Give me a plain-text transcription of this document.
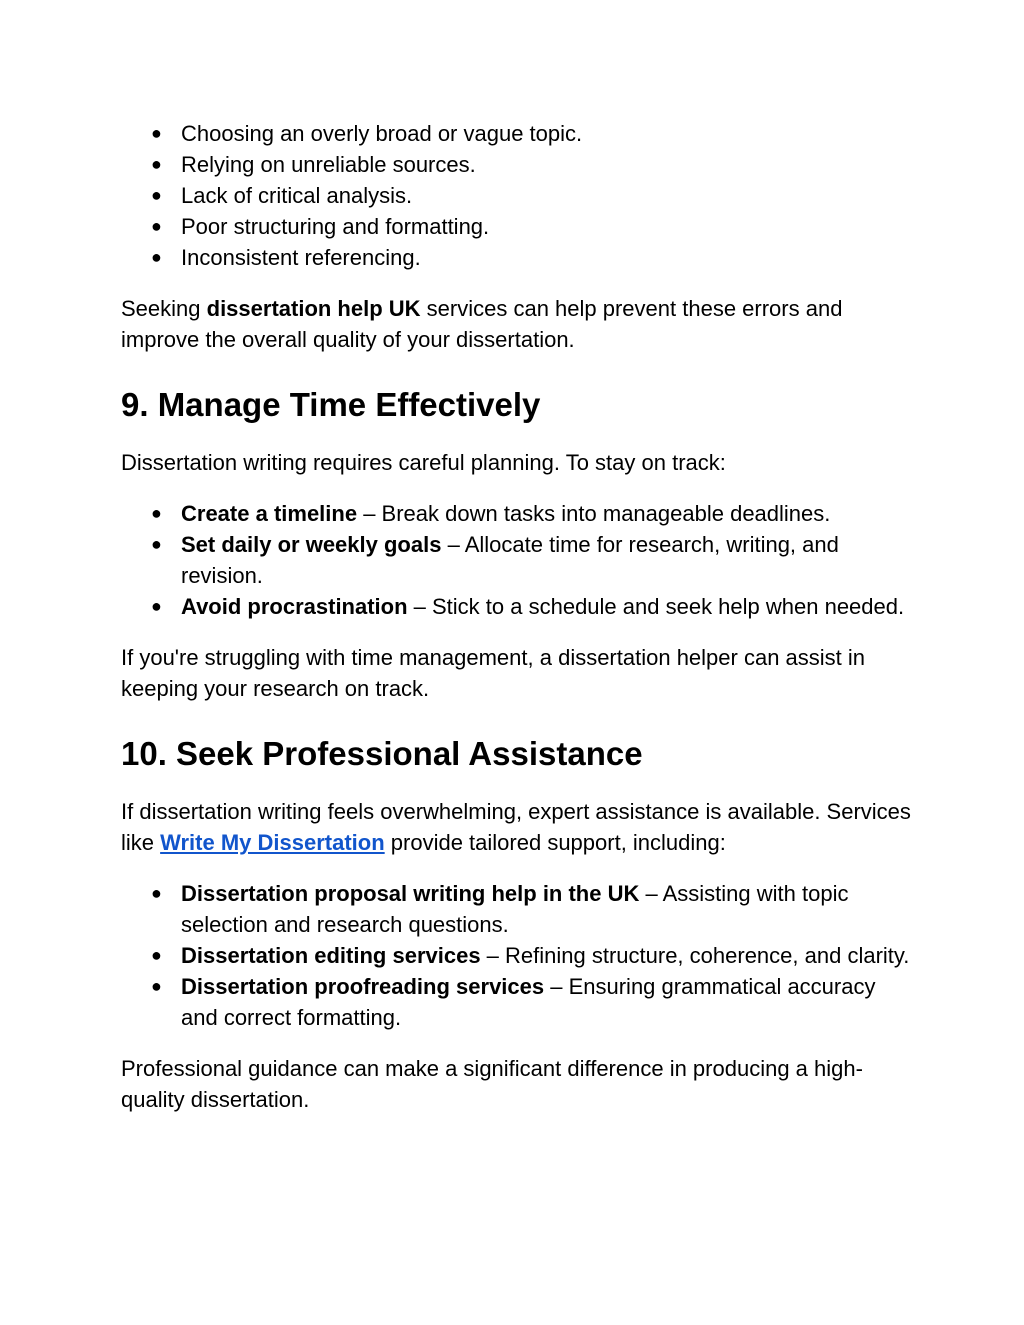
● Choosing an overly broad or vague topic.
● Relying on unreliable sources.
● Lack of critical analysis.
● Poor structuring and formatting.
● Inconsistent referencing.

Seeking dissertation help UK services can help prevent these errors and improve the overall quality of your dissertation.

9. Manage Time Effectively

Dissertation writing requires careful planning. To stay on track:

● Create a timeline – Break down tasks into manageable deadlines.
● Set daily or weekly goals – Allocate time for research, writing, and revision.
● Avoid procrastination – Stick to a schedule and seek help when needed.

If you're struggling with time management, a dissertation helper can assist in keeping your research on track.

10. Seek Professional Assistance

If dissertation writing feels overwhelming, expert assistance is available. Services like Write My Dissertation provide tailored support, including:

● Dissertation proposal writing help in the UK – Assisting with topic selection and research questions.
● Dissertation editing services – Refining structure, coherence, and clarity.
● Dissertation proofreading services – Ensuring grammatical accuracy and correct formatting.

Professional guidance can make a significant difference in producing a high-quality dissertation.
